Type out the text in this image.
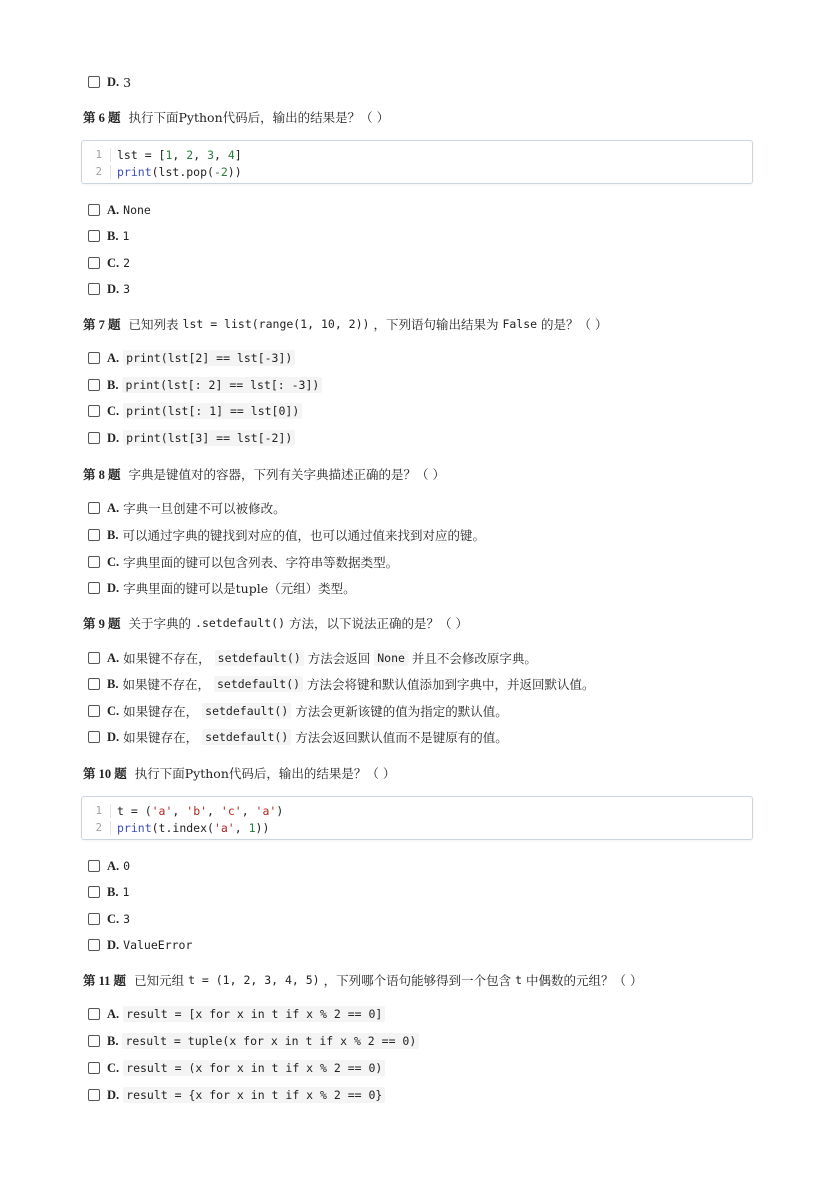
D. 3
第 6 题 执行下面Python代码后，输出的结果是？（ ）
1	lst = [1, 2, 3, 4]
2	print(lst.pop(-2))
A. None
B. 1
C. 2
D. 3
第 7 题 已知列表
lst = list(range(1, 10, 2))
，下列语句输出结果为
False
的是？（ ）
A. print(lst[2] == lst[-3])
B. print(lst[: 2] == lst[: -3])
C. print(lst[: 1] == lst[0])
D. print(lst[3] == lst[-2])
第 8 题 字典是键值对的容器，下列有关字典描述正确的是？（ ）
A. 字典一旦创建不可以被修改。
B. 可以通过字典的键找到对应的值，也可以通过值来找到对应的键。
C. 字典里面的键可以包含列表、字符串等数据类型。
D. 字典里面的键可以是tuple（元组）类型。
第 9 题 关于字典的
.setdefault()
方法，以下说法正确的是？（ ）
A. 如果键不存在，
setdefault()
方法会返回
None
并且不会修改原字典。
B. 如果键不存在，
setdefault()
方法会将键和默认值添加到字典中，并返回默认值。
C. 如果键存在，
setdefault()
方法会更新该键的值为指定的默认值。
D. 如果键存在，
setdefault()
方法会返回默认值而不是键原有的值。
第 10 题 执行下面Python代码后，输出的结果是？（ ）
1	t = ('a', 'b', 'c', 'a')
2	print(t.index('a', 1))
A. 0
B. 1
C. 3
D. ValueError
第 11 题 已知元组
t = (1, 2, 3, 4, 5)
，下列哪个语句能够得到一个包含
t
中偶数的元组？（ ）
A. result = [x for x in t if x % 2 == 0]
B. result = tuple(x for x in t if x % 2 == 0)
C. result = (x for x in t if x % 2 == 0)
D. result = {x for x in t if x % 2 == 0}
